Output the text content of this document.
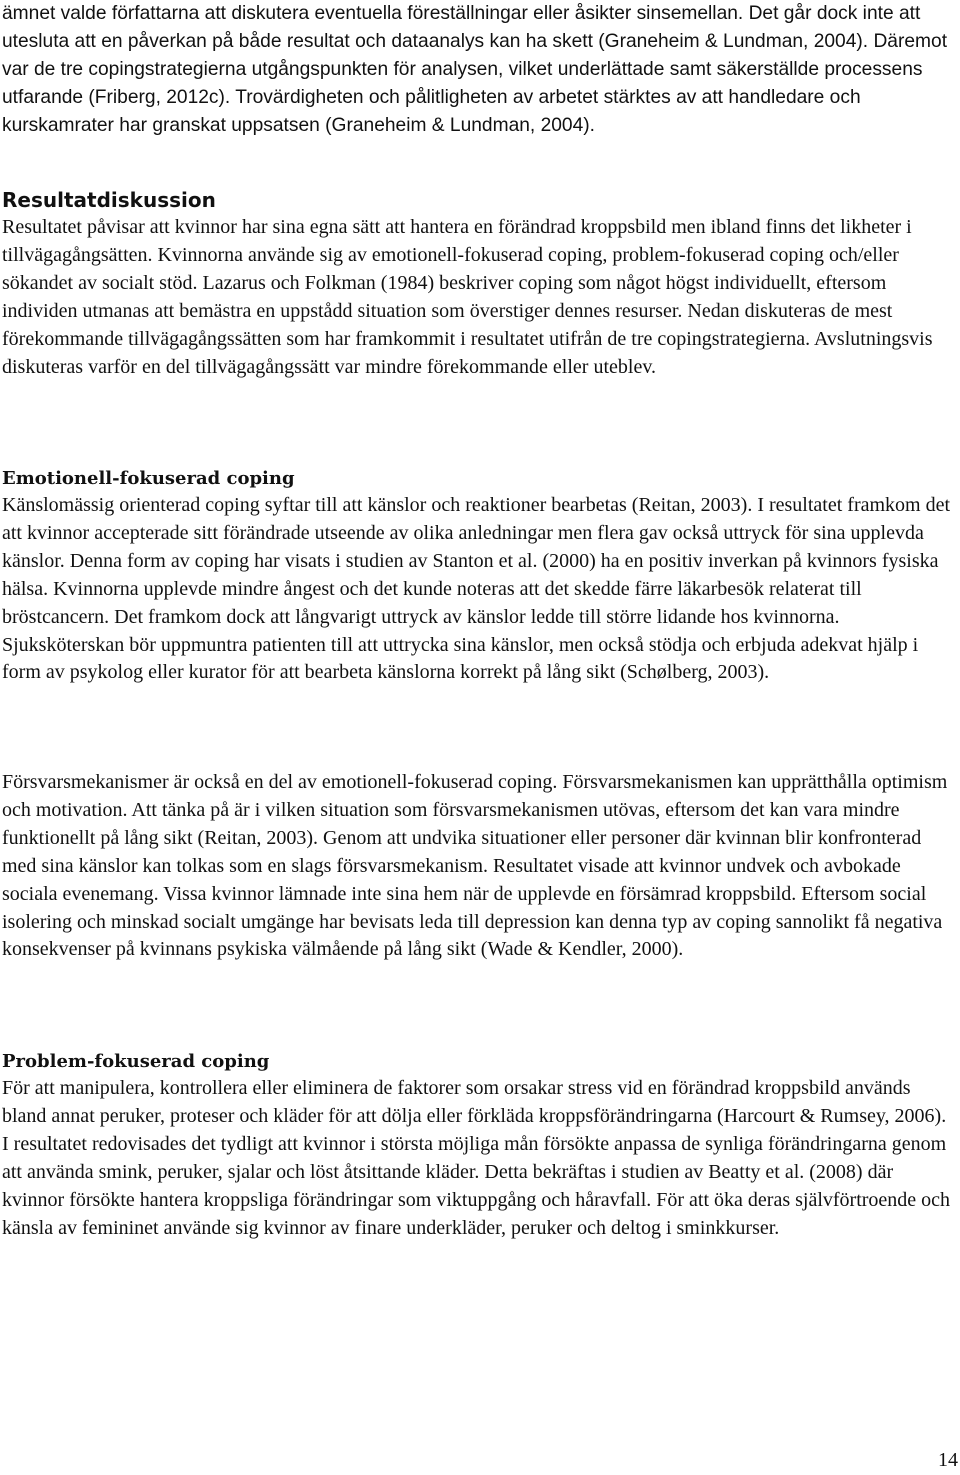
ämnet valde författarna att diskutera eventuella föreställningar eller åsikter sinsemellan. Det går dock inte att utesluta att en påverkan på både resultat och dataanalys kan ha skett (Graneheim & Lundman, 2004). Däremot var de tre copingstrategierna utgångspunkten för analysen, vilket underlättade samt säkerställde processens utfarande (Friberg, 2012c). Trovärdigheten och pålitligheten av arbetet stärktes av att handledare och kurskamrater har granskat uppsatsen (Graneheim & Lundman, 2004).

Resultatdiskussion

Resultatet påvisar att kvinnor har sina egna sätt att hantera en förändrad kroppsbild men ibland finns det likheter i tillvägagångsätten. Kvinnorna använde sig av emotionell-fokuserad coping, problem-fokuserad coping och/eller sökandet av socialt stöd. Lazarus och Folkman (1984) beskriver coping som något högst individuellt, eftersom individen utmanas att bemästra en uppstådd situation som överstiger dennes resurser. Nedan diskuteras de mest förekommande tillvägagångssätten som har framkommit i resultatet utifrån de tre copingstrategierna. Avslutningsvis diskuteras varför en del tillvägagångssätt var mindre förekommande eller uteblev.

Emotionell-fokuserad coping

Känslomässig orienterad coping syftar till att känslor och reaktioner bearbetas (Reitan, 2003). I resultatet framkom det att kvinnor accepterade sitt förändrade utseende av olika anledningar men flera gav också uttryck för sina upplevda känslor. Denna form av coping har visats i studien av Stanton et al. (2000) ha en positiv inverkan på kvinnors fysiska hälsa. Kvinnorna upplevde mindre ångest och det kunde noteras att det skedde färre läkarbesök relaterat till bröstcancern. Det framkom dock att långvarigt uttryck av känslor ledde till större lidande hos kvinnorna. Sjuksköterskan bör uppmuntra patienten till att uttrycka sina känslor, men också stödja och erbjuda adekvat hjälp i form av psykolog eller kurator för att bearbeta känslorna korrekt på lång sikt (Schølberg, 2003).

Försvarsmekanismer är också en del av emotionell-fokuserad coping. Försvarsmekanismen kan upprätthålla optimism och motivation. Att tänka på är i vilken situation som försvarsmekanismen utövas, eftersom det kan vara mindre funktionellt på lång sikt (Reitan, 2003). Genom att undvika situationer eller personer där kvinnan blir konfronterad med sina känslor kan tolkas som en slags försvarsmekanism. Resultatet visade att kvinnor undvek och avbokade sociala evenemang. Vissa kvinnor lämnade inte sina hem när de upplevde en försämrad kroppsbild. Eftersom social isolering och minskad socialt umgänge har bevisats leda till depression kan denna typ av coping sannolikt få negativa konsekvenser på kvinnans psykiska välmående på lång sikt (Wade & Kendler, 2000).

Problem-fokuserad coping

För att manipulera, kontrollera eller eliminera de faktorer som orsakar stress vid en förändrad kroppsbild används bland annat peruker, proteser och kläder för att dölja eller förkläda kroppsförändringarna (Harcourt & Rumsey, 2006). I resultatet redovisades det tydligt att kvinnor i största möjliga mån försökte anpassa de synliga förändringarna genom att använda smink, peruker, sjalar och löst åtsittande kläder. Detta bekräftas i studien av Beatty et al. (2008) där kvinnor försökte hantera kroppsliga förändringar som viktuppgång och håravfall. För att öka deras självförtroende och känsla av femininet använde sig kvinnor av finare underkläder, peruker och deltog i sminkkurser.

14
